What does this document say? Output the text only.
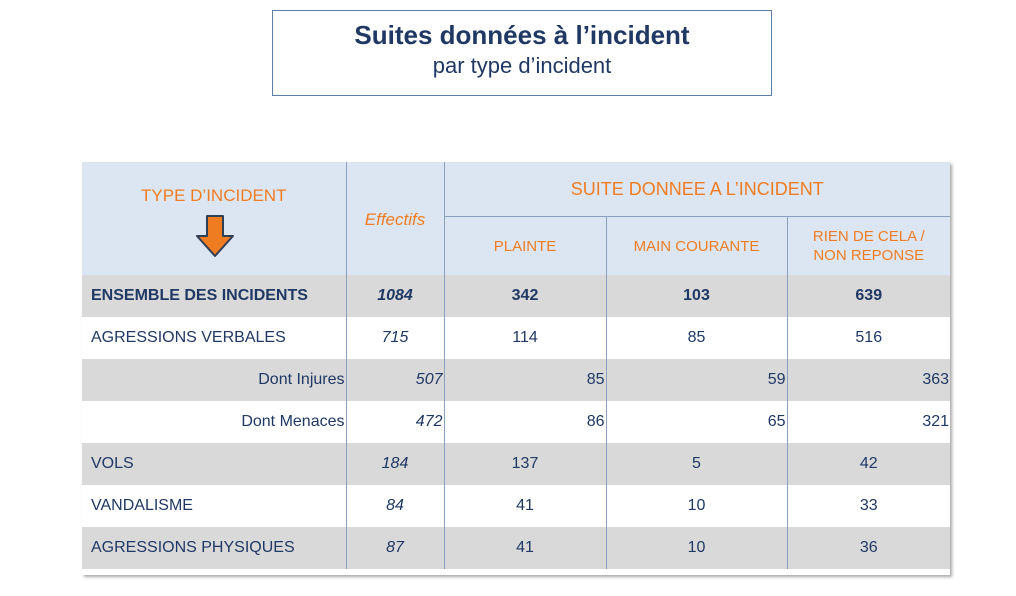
Suites données à l’incident
par type d’incident
TYPE D’INCIDENT	Effectifs	SUITE DONNEE A L’INCIDENT		
		PLAINTE	MAIN COURANTE	RIEN DE CELA /
NON REPONSE
ENSEMBLE DES INCIDENTS	1084	342	103	639
AGRESSIONS VERBALES	715	114	85	516
Dont Injures	507	85	59	363
Dont Menaces	472	86	65	321
VOLS	184	137	5	42
VANDALISME	84	41	10	33
AGRESSIONS PHYSIQUES	87	41	10	36
